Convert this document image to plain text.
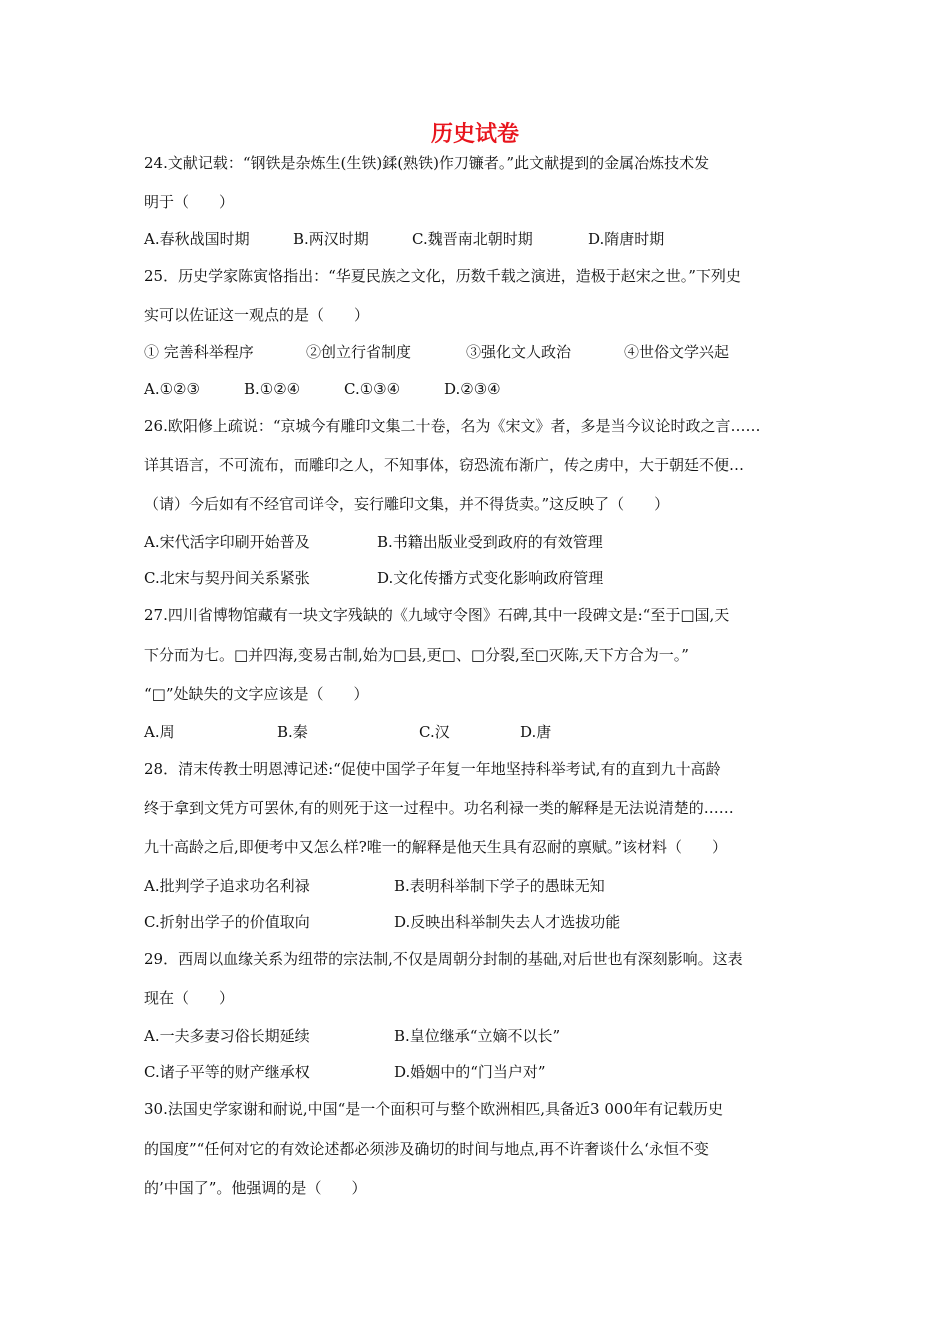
历史试卷
24.文献记载：“钢铁是杂炼生(生铁)鍒(熟铁)作刀镰者。”此文献提到的金属冶炼技术发
明于（　　）
A.春秋战国时期	B.两汉时期	C.魏晋南北朝时期	D.隋唐时期
25．历史学家陈寅恪指出：“华夏民族之文化，历数千载之演进，造极于赵宋之世。”下列史
实可以佐证这一观点的是（　　）
① 完善科举程序	②创立行省制度	③强化文人政治	④世俗文学兴起
A.①②③	B.①②④	C.①③④	D.②③④
26.欧阳修上疏说：“京城今有雕印文集二十卷，名为《宋文》者，多是当今议论时政之言……
详其语言，不可流布，而雕印之人，不知事体，窃恐流布渐广，传之虏中，大于朝廷不便…
（请）今后如有不经官司详令，妄行雕印文集，并不得货卖。”这反映了（　　）
A.宋代活字印刷开始普及	B.书籍出版业受到政府的有效管理
C.北宋与契丹间关系紧张	D.文化传播方式变化影响政府管理
27.四川省博物馆藏有一块文字残缺的《九域守令图》石碑,其中一段碑文是:“至于□国,天
下分而为七。□并四海,变易古制,始为□县,更□、□分裂,至□灭陈,天下方合为一。”
“□”处缺失的文字应该是（　　）
A.周	B.秦	C.汉	D.唐
28．清末传教士明恩溥记述:“促使中国学子年复一年地坚持科举考试,有的直到九十高龄
终于拿到文凭方可罢休,有的则死于这一过程中。功名利禄一类的解释是无法说清楚的……
九十高龄之后,即便考中又怎么样?唯一的解释是他天生具有忍耐的禀赋。”该材料（　　）
A.批判学子追求功名利禄	B.表明科举制下学子的愚昧无知
C.折射出学子的价值取向	D.反映出科举制失去人才选拔功能
29．西周以血缘关系为纽带的宗法制,不仅是周朝分封制的基础,对后世也有深刻影响。这表
现在（　　）
A.一夫多妻习俗长期延续	B.皇位继承“立嫡不以长”
C.诸子平等的财产继承权	D.婚姻中的“门当户对”
30.法国史学家谢和耐说,中国“是一个面积可与整个欧洲相匹,具备近3 000年有记载历史
的国度”“任何对它的有效论述都必须涉及确切的时间与地点,再不许奢谈什么‘永恒不变
的’中国了”。他强调的是（　　）
